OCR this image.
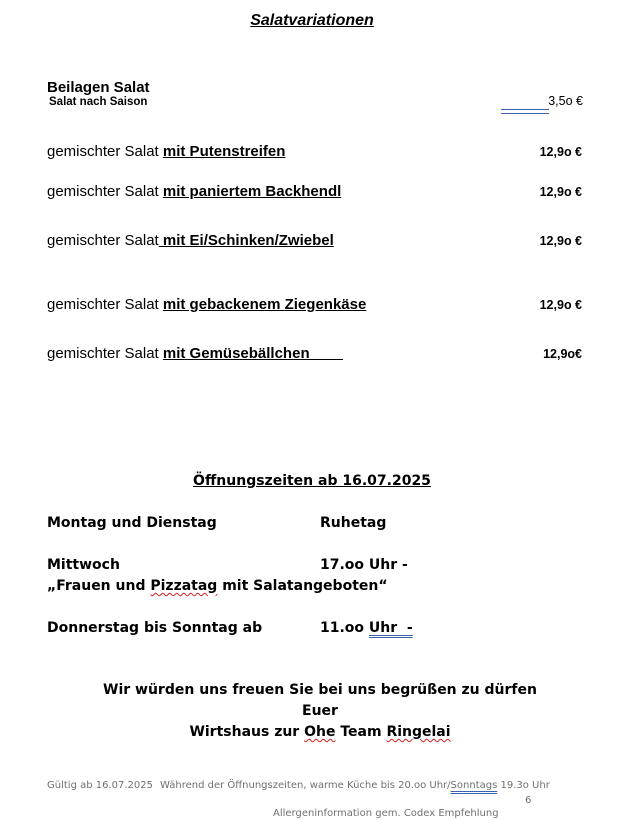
Salatvariationen
Beilagen Salat
Salat nach Saison	3,5o €
gemischter Salat mit Putenstreifen	12,9o €
gemischter Salat mit paniertem Backhendl	12,9o €
gemischter Salat mit Ei/Schinken/Zwiebel	12,9o €
gemischter Salat mit gebackenem Ziegenkäse	12,9o €
gemischter Salat mit Gemüsebällchen	12,9o€
Öffnungszeiten ab 16.07.2025
Montag und Dienstag	Ruhetag
Mittwoch	17.oo Uhr -
„Frauen und Pizzatag mit Salatangeboten“
Donnerstag bis Sonntag ab	11.oo Uhr  -
Wir würden uns freuen Sie bei uns begrüßen zu dürfen
Euer
Wirtshaus zur Ohe Team Ringelai
Gültig ab 16.07.2025 Während der Öffnungszeiten, warme Küche bis 20.oo Uhr/Sonntags 19.3o Uhr
6
Allergeninformation gem. Codex Empfehlung
